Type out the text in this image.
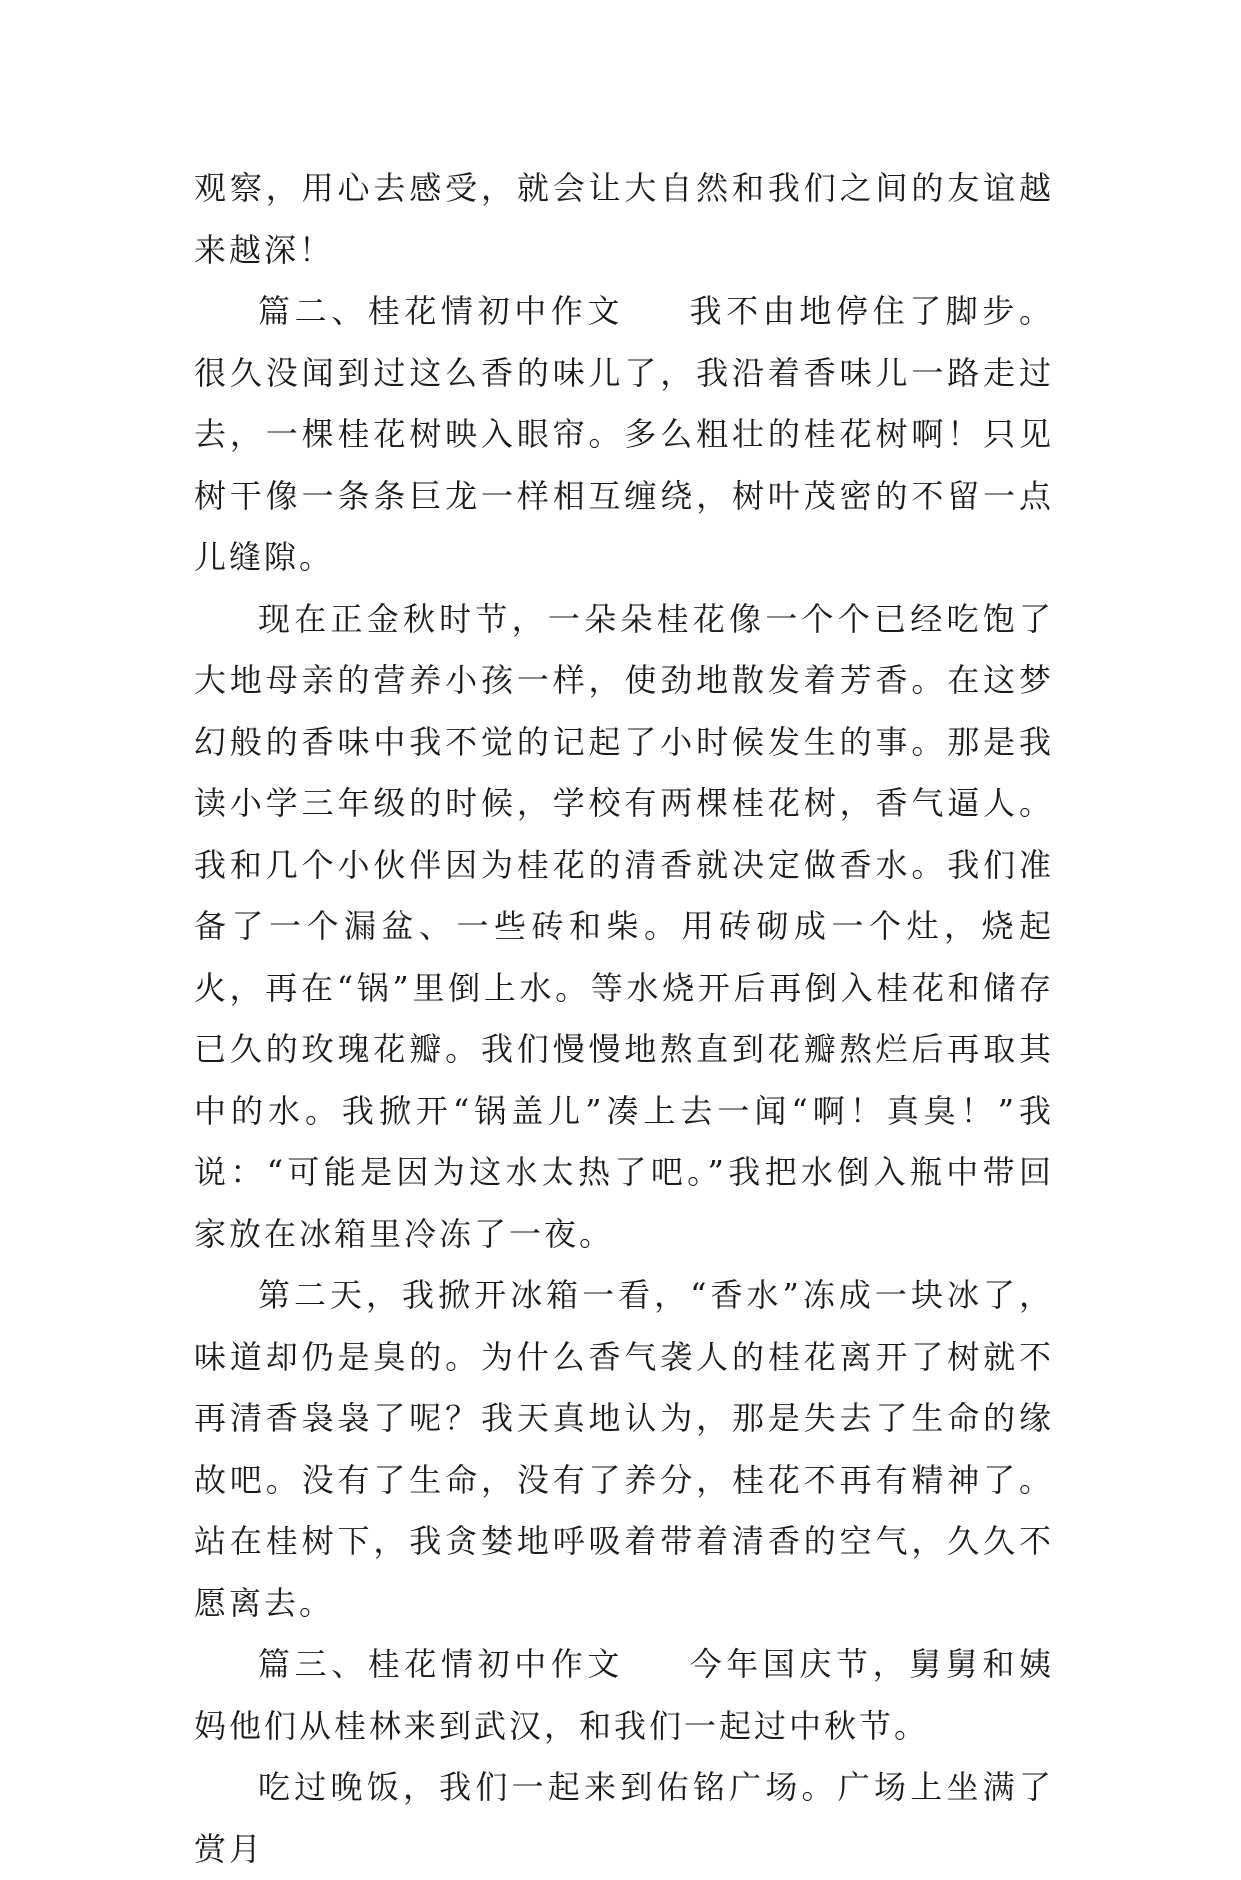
观察，用心去感受，就会让大自然和我们之间的友谊越来越深！

篇二、桂花情初中作文 我不由地停住了脚步。很久没闻到过这么香的味儿了，我沿着香味儿一路走过去，一棵桂花树映入眼帘。多么粗壮的桂花树啊！只见树干像一条条巨龙一样相互缠绕，树叶茂密的不留一点儿缝隙。

现在正金秋时节，一朵朵桂花像一个个已经吃饱了大地母亲的营养小孩一样，使劲地散发着芳香。在这梦幻般的香味中我不觉的记起了小时候发生的事。那是我读小学三年级的时候，学校有两棵桂花树，香气逼人。我和几个小伙伴因为桂花的清香就决定做香水。我们准备了一个漏盆、一些砖和柴。用砖砌成一个灶，烧起火，再在“锅”里倒上水。等水烧开后再倒入桂花和储存已久的玫瑰花瓣。我们慢慢地熬直到花瓣熬烂后再取其中的水。我掀开“锅盖儿”凑上去一闻“啊！真臭！”我说：“可能是因为这水太热了吧。”我把水倒入瓶中带回家放在冰箱里冷冻了一夜。

第二天，我掀开冰箱一看，“香水”冻成一块冰了，味道却仍是臭的。为什么香气袭人的桂花离开了树就不再清香袅袅了呢？我天真地认为，那是失去了生命的缘故吧。没有了生命，没有了养分，桂花不再有精神了。站在桂树下，我贪婪地呼吸着带着清香的空气，久久不愿离去。

篇三、桂花情初中作文 今年国庆节，舅舅和姨妈他们从桂林来到武汉，和我们一起过中秋节。

吃过晚饭，我们一起来到佑铭广场。广场上坐满了赏月
